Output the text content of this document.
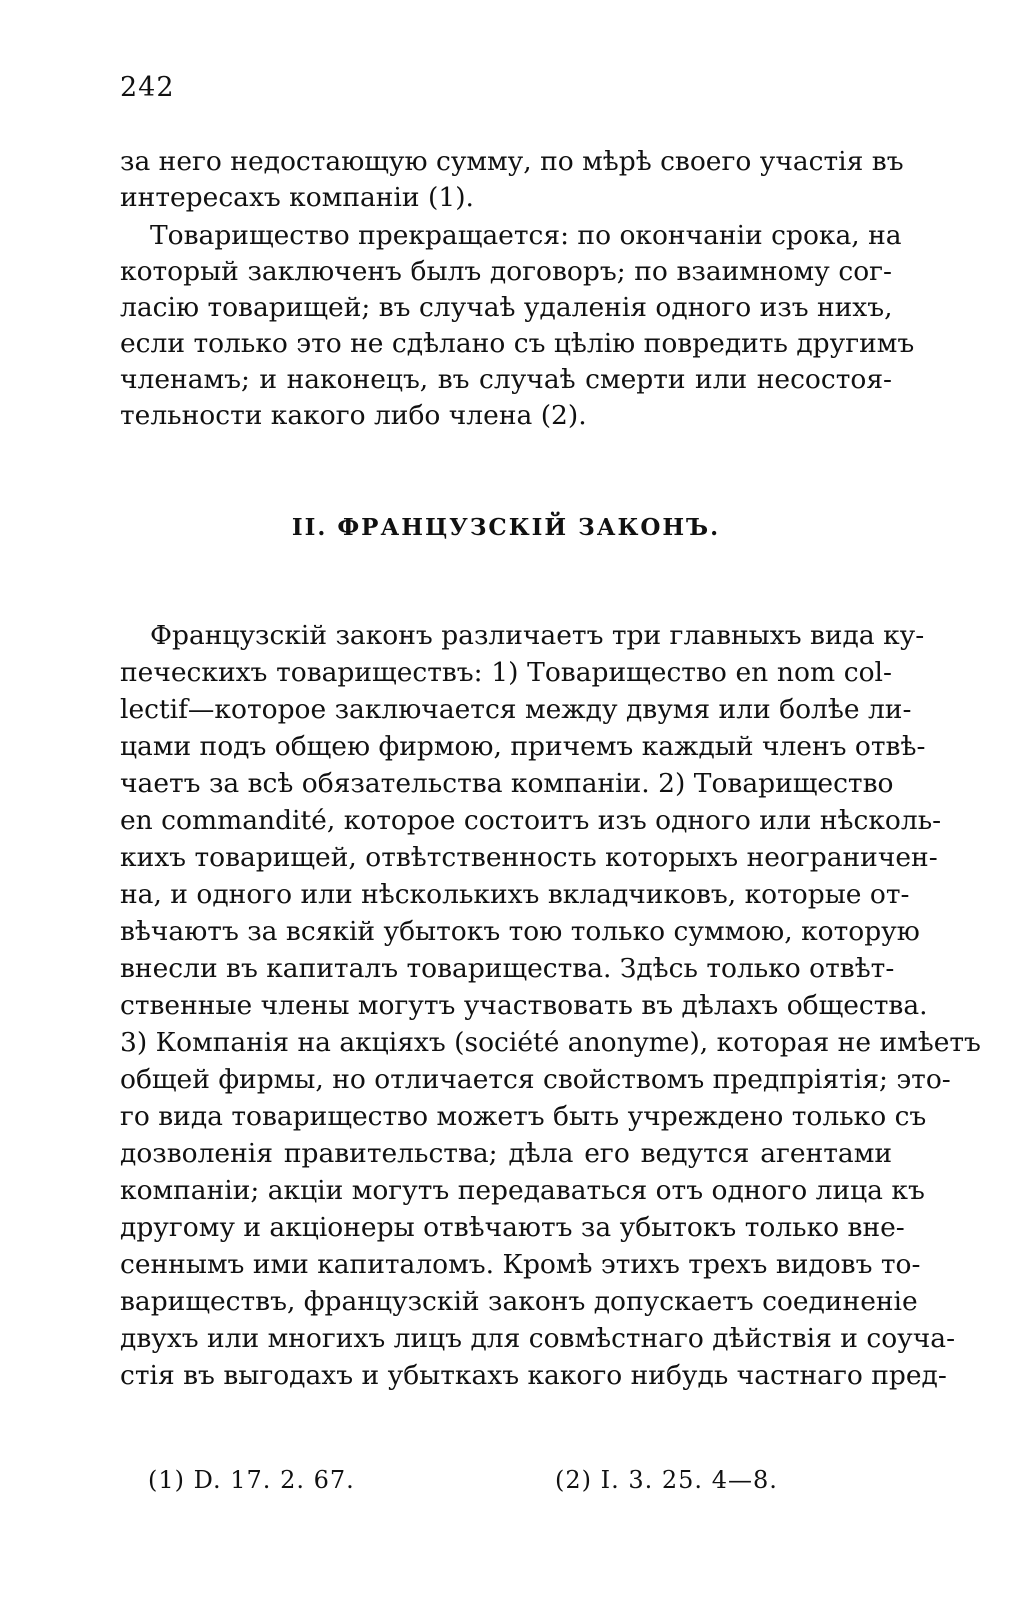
242
за него недостающую сумму, по мѣрѣ своего участія въ
интересахъ компаніи (1).
Товарищество прекращается: по окончаніи срока, на
который заключенъ былъ договоръ; по взаимному сог-
ласію товарищей; въ случаѣ удаленія одного изъ нихъ,
если только это не сдѣлано съ цѣлію повредить другимъ
членамъ; и наконецъ, въ случаѣ смерти или несостоя-
тельности какого либо члена (2).
II. ФРАНЦУЗСКІЙ ЗАКОНЪ.
Французскій законъ различаетъ три главныхъ вида ку-
печескихъ товариществъ: 1) Товарищество en nom col-
lectif—которое заключается между двумя или болѣе ли-
цами подъ общею фирмою, причемъ каждый членъ отвѣ-
чаетъ за всѣ обязательства компаніи. 2) Товарищество
en commandité, которое состоитъ изъ одного или нѣсколь-
кихъ товарищей, отвѣтственность которыхъ неограничен-
на, и одного или нѣсколькихъ вкладчиковъ, которые от-
вѣчаютъ за всякій убытокъ тою только суммою, которую
внесли въ капиталъ товарищества. Здѣсь только отвѣт-
ственные члены могутъ участвовать въ дѣлахъ общества.
3) Компанія на акціяхъ (société anonyme), которая не имѣетъ
общей фирмы, но отличается свойствомъ предпріятія; это-
го вида товарищество можетъ быть учреждено только съ
дозволенія правительства; дѣла его ведутся агентами
компаніи; акціи могутъ передаваться отъ одного лица къ
другому и акціонеры отвѣчаютъ за убытокъ только вне-
сеннымъ ими капиталомъ. Кромѣ этихъ трехъ видовъ то-
вариществъ, французскій законъ допускаетъ соединеніе
двухъ или многихъ лицъ для совмѣстнаго дѣйствія и соуча-
стія въ выгодахъ и убыткахъ какого нибудь частнаго пред-
(1) D. 17. 2. 67.	(2) I. 3. 25. 4—8.
